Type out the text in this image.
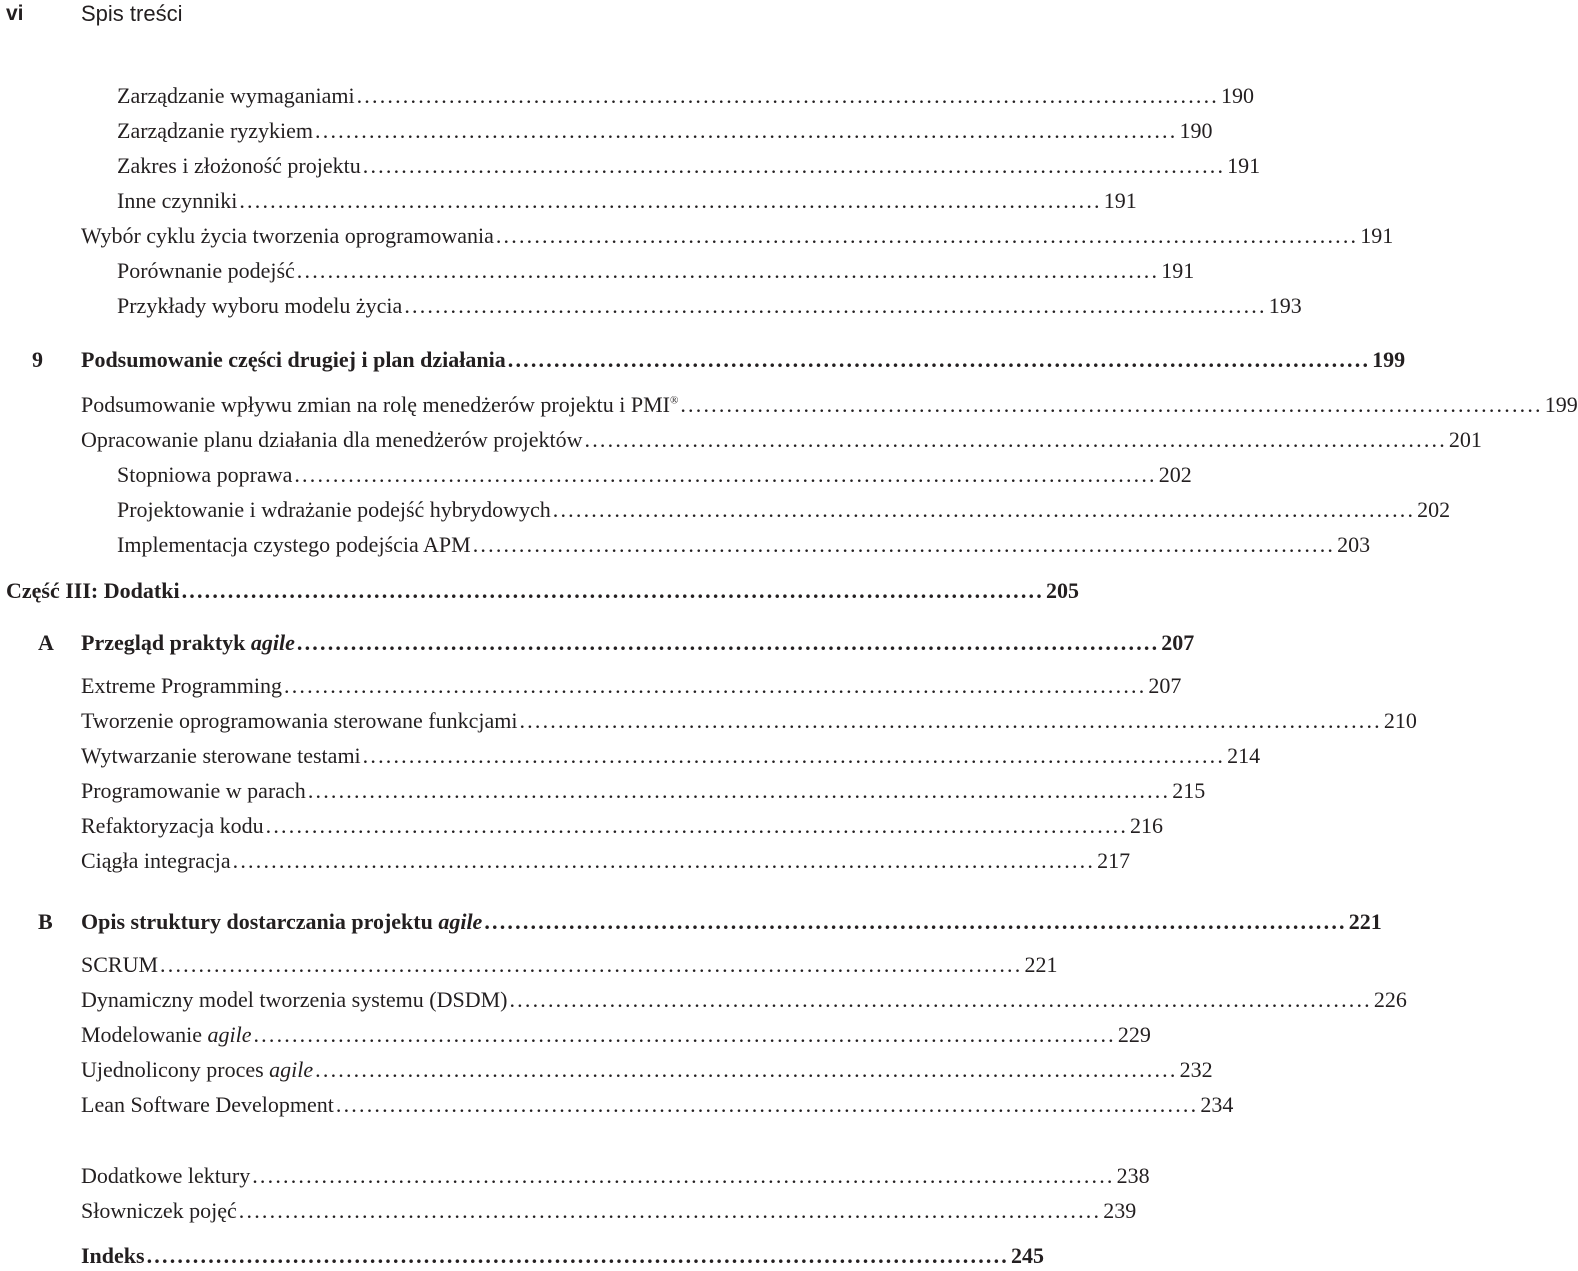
vi	Spis treści
Zarządzanie wymaganiami ................................................................................................................ 190
Zarządzanie ryzykiem ................................................................................................................ 190
Zakres i złożoność projektu ................................................................................................................ 191
Inne czynniki ................................................................................................................ 191
Wybór cyklu życia tworzenia oprogramowania ................................................................................................................ 191
Porównanie podejść ................................................................................................................ 191
Przykłady wyboru modelu życia ................................................................................................................ 193
9 Podsumowanie części drugiej i plan działania ................................................................................................................ 199
Podsumowanie wpływu zmian na rolę menedżerów projektu i PMI® ................................................................................................................ 199
Opracowanie planu działania dla menedżerów projektów ................................................................................................................ 201
Stopniowa poprawa ................................................................................................................ 202
Projektowanie i wdrażanie podejść hybrydowych ................................................................................................................ 202
Implementacja czystego podejścia APM ................................................................................................................ 203
Część III: Dodatki ................................................................................................................ 205
A Przegląd praktyk agile ................................................................................................................ 207
Extreme Programming ................................................................................................................ 207
Tworzenie oprogramowania sterowane funkcjami ................................................................................................................ 210
Wytwarzanie sterowane testami ................................................................................................................ 214
Programowanie w parach ................................................................................................................ 215
Refaktoryzacja kodu ................................................................................................................ 216
Ciągła integracja ................................................................................................................ 217
B Opis struktury dostarczania projektu agile ................................................................................................................ 221
SCRUM ................................................................................................................ 221
Dynamiczny model tworzenia systemu (DSDM) ................................................................................................................ 226
Modelowanie agile ................................................................................................................ 229
Ujednolicony proces agile ................................................................................................................ 232
Lean Software Development ................................................................................................................ 234
Dodatkowe lektury ................................................................................................................ 238
Słowniczek pojęć ................................................................................................................ 239
Indeks ................................................................................................................ 245
